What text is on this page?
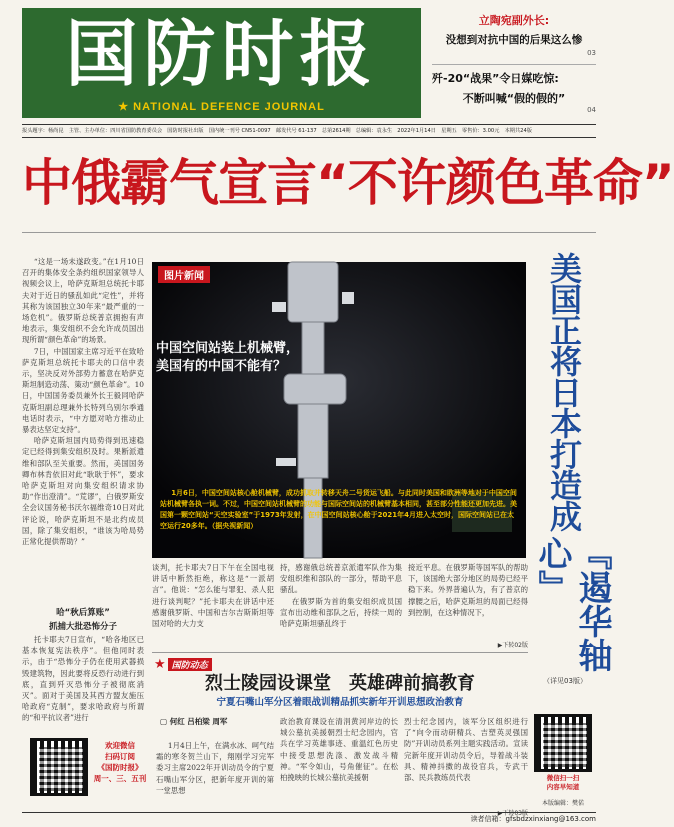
国防时报
★ NATIONAL DEFENCE JOURNAL
立陶宛副外长:
没想到对抗中国的后果这么惨
03
歼-20“战果”令日媒吃惊:
不断叫喊“假的假的”
04
报头题字：杨尚昆　主管、主办单位：四川省国防教育委员会　国防时报社出版　国内统一刊号 CN51-0097　邮发代号 61-137　总第2614期　总编辑：袁永生　2022年1月14日　星期五　零售价：3.00元　本期共24版
中俄霸气宣言“不许颜色革命”

“这是一场未遂政变。”在1月10日召开的集体安全条约组织国家领导人视频会议上，哈萨克斯坦总统托卡耶夫对于近日的骚乱如此“定性”，并将其称为该国独立30年来“最严重的一场危机”。俄罗斯总统普京拥抱有声地表示，集安组织不会允许成员国出现所谓“颜色革命”的场景。

7日，中国国家主席习近平在致哈萨克斯坦总统托卡耶夫的口信中表示，坚决反对外部势力蓄意在哈萨克斯坦制造动荡、策动“颜色革命”。10日，中国国务委员兼外长王毅同哈萨克斯坦副总理兼外长特列乌别尔季通电话时表示，“中方愿对哈方推动止暴表达坚定支持”。

哈萨克斯坦国内局势得到迅速稳定已经得到集安组织及时。果断派遣维和部队至关重要。然而，美国国务卿布林肯依旧对此“耿耿于怀”，要求哈萨克斯坦对向集安组织请求协助“作出澄清”。“荒谬”，白俄罗斯安全会议国务秘书沃尔福维奇10日对此评论说，哈萨克斯坦不是北约成员国，除了集安组织，“谁该为哈局势正常化提供帮助？”

哈“秋后算账”
抓捕大批恐怖分子

托卡耶夫7日宣布，“哈各地区已基本恢复宪法秩序”。但他同时表示，由于“恐怖分子仍在使用武器损毁建筑物，因此要将反恐行动进行到底，直到歼灭恐怖分子被彻底消灭”。面对于美国及其西方盟友施压哈政府“克制”，要求哈政府与所谓的“和平抗议者”进行

图片新闻
中国空间站装上机械臂，
美国有的中国不能有？
1月6日，中国空间站核心舱机械臂，成功抓取并转移天舟二号货运飞船。与此同时美国和欧洲等地对于中国空间站机械臂各执一词。不过，中国空间站机械臂的功能与国际空间站的机械臂基本相同，甚至部分性能还更加先进。美国第一颗空间站“天空实验室”于1973年发射，在中国空间站核心舱于2021年4月进入太空时，国际空间站已在太空运行20多年。（据央视新闻）

谈判，托卡耶夫7日下午在全国电视讲话中断然拒绝，称这是“一派胡言”。他说：“怎么能与罪犯、杀人犯进行谈判呢？”托卡耶夫在讲话中还感谢俄罗斯、中国和吉尔吉斯斯坦等国对哈的大力支

持，感谢俄总统普京派遣军队作为集安组织维和部队的一部分，帮助平息骚乱。

在俄罗斯为首的集安组织成员国宣布出动维和部队之后，持续一周的哈萨克斯坦骚乱终于

接近平息。在俄罗斯等国军队的帮助下，该国绝大部分地区的局势已经平稳下来。外界普遍认为，有了普京的撑腰之后，哈萨克斯坦的局面已经得到控制，在这种情况下，

▶下转02版
美国正将日本打造成
『遏华轴心』
（详见03版）
★ 国防动态
烈士陵园设课堂　英雄碑前搞教育
宁夏石嘴山军分区着眼战训精品抓实新年开训思想政治教育
▢ 何红 吕柏梁 周军

1月4日上午，在满水冰、呵气结霜的寒冬贺兰山下，翔刚学习完军委习主席2022年开训动员令的宁夏石嘴山军分区，把新年度开训的第一堂思想

政治教育课设在清涓黄河岸边的长城公墓抗美援朝烈士纪念园内，官兵在学习英雄事迹、重温红色历史中接受思想洗涤、激发战斗精神。“军令如山，号角催征”。在松柏挽映的长城公墓抗美援朝

烈士纪念园内，该军分区组织进行了“向令而动研精兵、吉塑英灵强国防”开训动员系列主题实践活动。宣读完新年度开训动员令后，导着战斗装具、精神抖擞的战役官兵，专武干部、民兵教练员代表

▶下转03版
欢迎微信
扫码订阅
《国防时报》
周一、三、五刊	微信扫一扫
内容早知道
本版编辑：樊偌
读者信箱：gfsbdzxinxiang@163.com
